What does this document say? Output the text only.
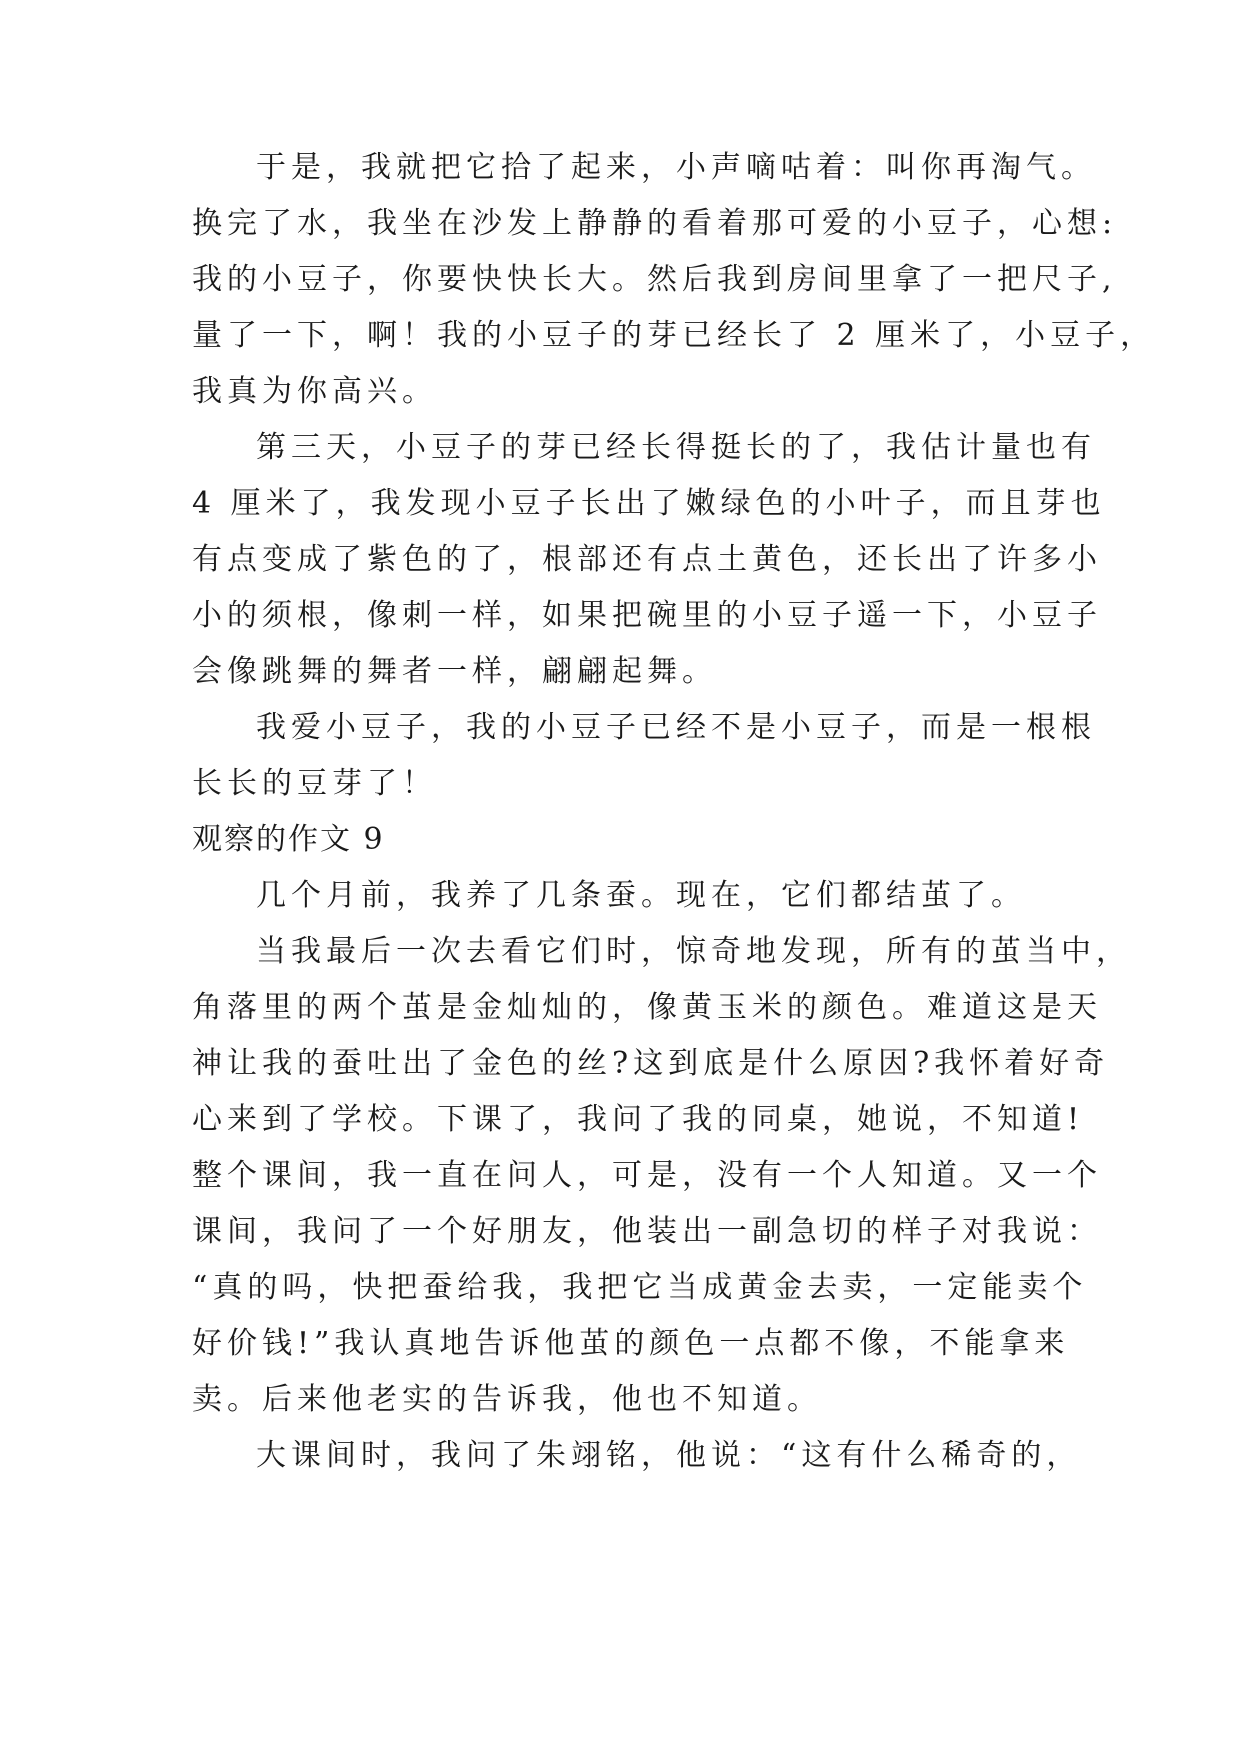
于是，我就把它拾了起来，小声嘀咕着：叫你再淘气。
换完了水，我坐在沙发上静静的看着那可爱的小豆子，心想:
我的小豆子，你要快快长大。然后我到房间里拿了一把尺子,
量了一下，啊！我的小豆子的芽已经长了 2 厘米了，小豆子，
我真为你高兴。
第三天，小豆子的芽已经长得挺长的了，我估计量也有
4 厘米了，我发现小豆子长出了嫩绿色的小叶子，而且芽也
有点变成了紫色的了，根部还有点土黄色，还长出了许多小
小的须根，像刺一样，如果把碗里的小豆子遥一下，小豆子
会像跳舞的舞者一样，翩翩起舞。
我爱小豆子，我的小豆子已经不是小豆子，而是一根根
长长的豆芽了！
观察的作文 9
几个月前，我养了几条蚕。现在，它们都结茧了。
当我最后一次去看它们时，惊奇地发现，所有的茧当中，
角落里的两个茧是金灿灿的，像黄玉米的颜色。难道这是天
神让我的蚕吐出了金色的丝?这到底是什么原因?我怀着好奇
心来到了学校。下课了，我问了我的同桌，她说，不知道!
整个课间，我一直在问人，可是，没有一个人知道。又一个
课间，我问了一个好朋友，他装出一副急切的样子对我说：
“真的吗，快把蚕给我，我把它当成黄金去卖，一定能卖个
好价钱!”我认真地告诉他茧的颜色一点都不像，不能拿来
卖。后来他老实的告诉我，他也不知道。
大课间时，我问了朱翊铭，他说：“这有什么稀奇的，
